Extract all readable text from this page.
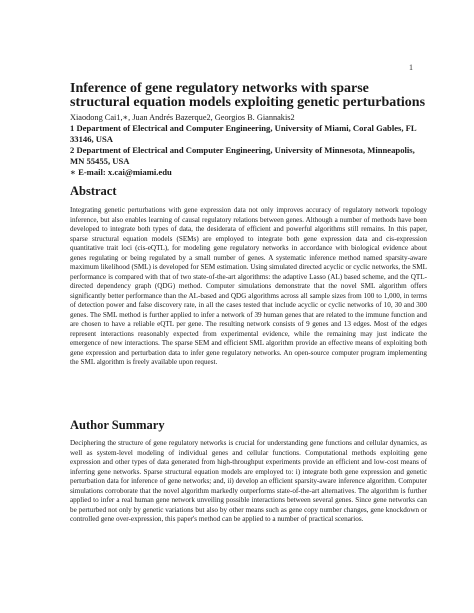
1
Inference of gene regulatory networks with sparse structural equation models exploiting genetic perturbations
Xiaodong Cai1,∗, Juan Andrés Bazerque2, Georgios B. Giannakis2
1 Department of Electrical and Computer Engineering, University of Miami, Coral Gables, FL 33146, USA
2 Department of Electrical and Computer Engineering, University of Minnesota, Minneapolis, MN 55455, USA
∗ E-mail: x.cai@miami.edu
Abstract

Integrating genetic perturbations with gene expression data not only improves accuracy of regulatory network topology inference, but also enables learning of causal regulatory relations between genes. Although a number of methods have been developed to integrate both types of data, the desiderata of efficient and powerful algorithms still remains. In this paper, sparse structural equation models (SEMs) are employed to integrate both gene expression data and cis-expression quantitative trait loci (cis-eQTL), for modeling gene regulatory networks in accordance with biological evidence about genes regulating or being regulated by a small number of genes. A systematic inference method named sparsity-aware maximum likelihood (SML) is developed for SEM estimation. Using simulated directed acyclic or cyclic networks, the SML performance is compared with that of two state-of-the-art algorithms: the adaptive Lasso (AL) based scheme, and the QTL-directed dependency graph (QDG) method. Computer simulations demonstrate that the novel SML algorithm offers significantly better performance than the AL-based and QDG algorithms across all sample sizes from 100 to 1,000, in terms of detection power and false discovery rate, in all the cases tested that include acyclic or cyclic networks of 10, 30 and 300 genes. The SML method is further applied to infer a network of 39 human genes that are related to the immune function and are chosen to have a reliable eQTL per gene. The resulting network consists of 9 genes and 13 edges. Most of the edges represent interactions reasonably expected from experimental evidence, while the remaining may just indicate the emergence of new interactions. The sparse SEM and efficient SML algorithm provide an effective means of exploiting both gene expression and perturbation data to infer gene regulatory networks. An open-source computer program implementing the SML algorithm is freely available upon request.

Author Summary

Deciphering the structure of gene regulatory networks is crucial for understanding gene functions and cellular dynamics, as well as system-level modeling of individual genes and cellular functions. Computational methods exploiting gene expression and other types of data generated from high-throughput experiments provide an efficient and low-cost means of inferring gene networks. Sparse structural equation models are employed to: i) integrate both gene expression and genetic perturbation data for inference of gene networks; and, ii) develop an efficient sparsity-aware inference algorithm. Computer simulations corroborate that the novel algorithm markedly outperforms state-of-the-art alternatives. The algorithm is further applied to infer a real human gene network unveiling possible interactions between several genes. Since gene networks can be perturbed not only by genetic variations but also by other means such as gene copy number changes, gene knockdown or controlled gene over-expression, this paper's method can be applied to a number of practical scenarios.
